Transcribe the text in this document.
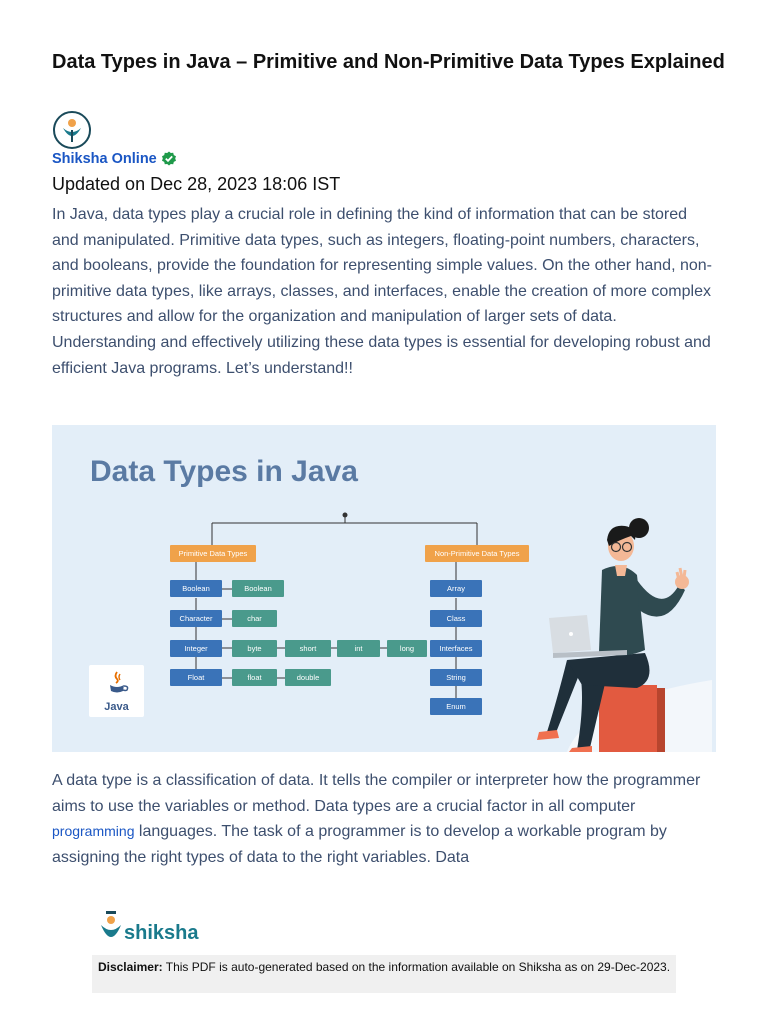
Data Types in Java – Primitive and Non-Primitive Data Types Explained
Shiksha Online
Updated on Dec 28, 2023 18:06 IST

In Java, data types play a crucial role in defining the kind of information that can be stored and manipulated. Primitive data types, such as integers, floating-point numbers, characters, and booleans, provide the foundation for representing simple values. On the other hand, non-primitive data types, like arrays, classes, and interfaces, enable the creation of more complex structures and allow for the organization and manipulation of larger sets of data. Understanding and effectively utilizing these data types is essential for developing robust and efficient Java programs. Let’s understand!!

Data Types in Java
Primitive Data Types	Non-Primitive Data Types
Boolean
Character
Integer
Float
Boolean
char
byte	short	int	long
float	double
Array
Class
Interfaces
String
Enum
Java

A data type is a classification of data. It tells the compiler or interpreter how the programmer aims to use the variables or method. Data types are a crucial factor in all computer programming languages. The task of a programmer is to develop a workable program by assigning the right types of data to the right variables. Data

shiksha
Disclaimer: This PDF is auto-generated based on the information available on Shiksha as on 29-Dec-2023.
